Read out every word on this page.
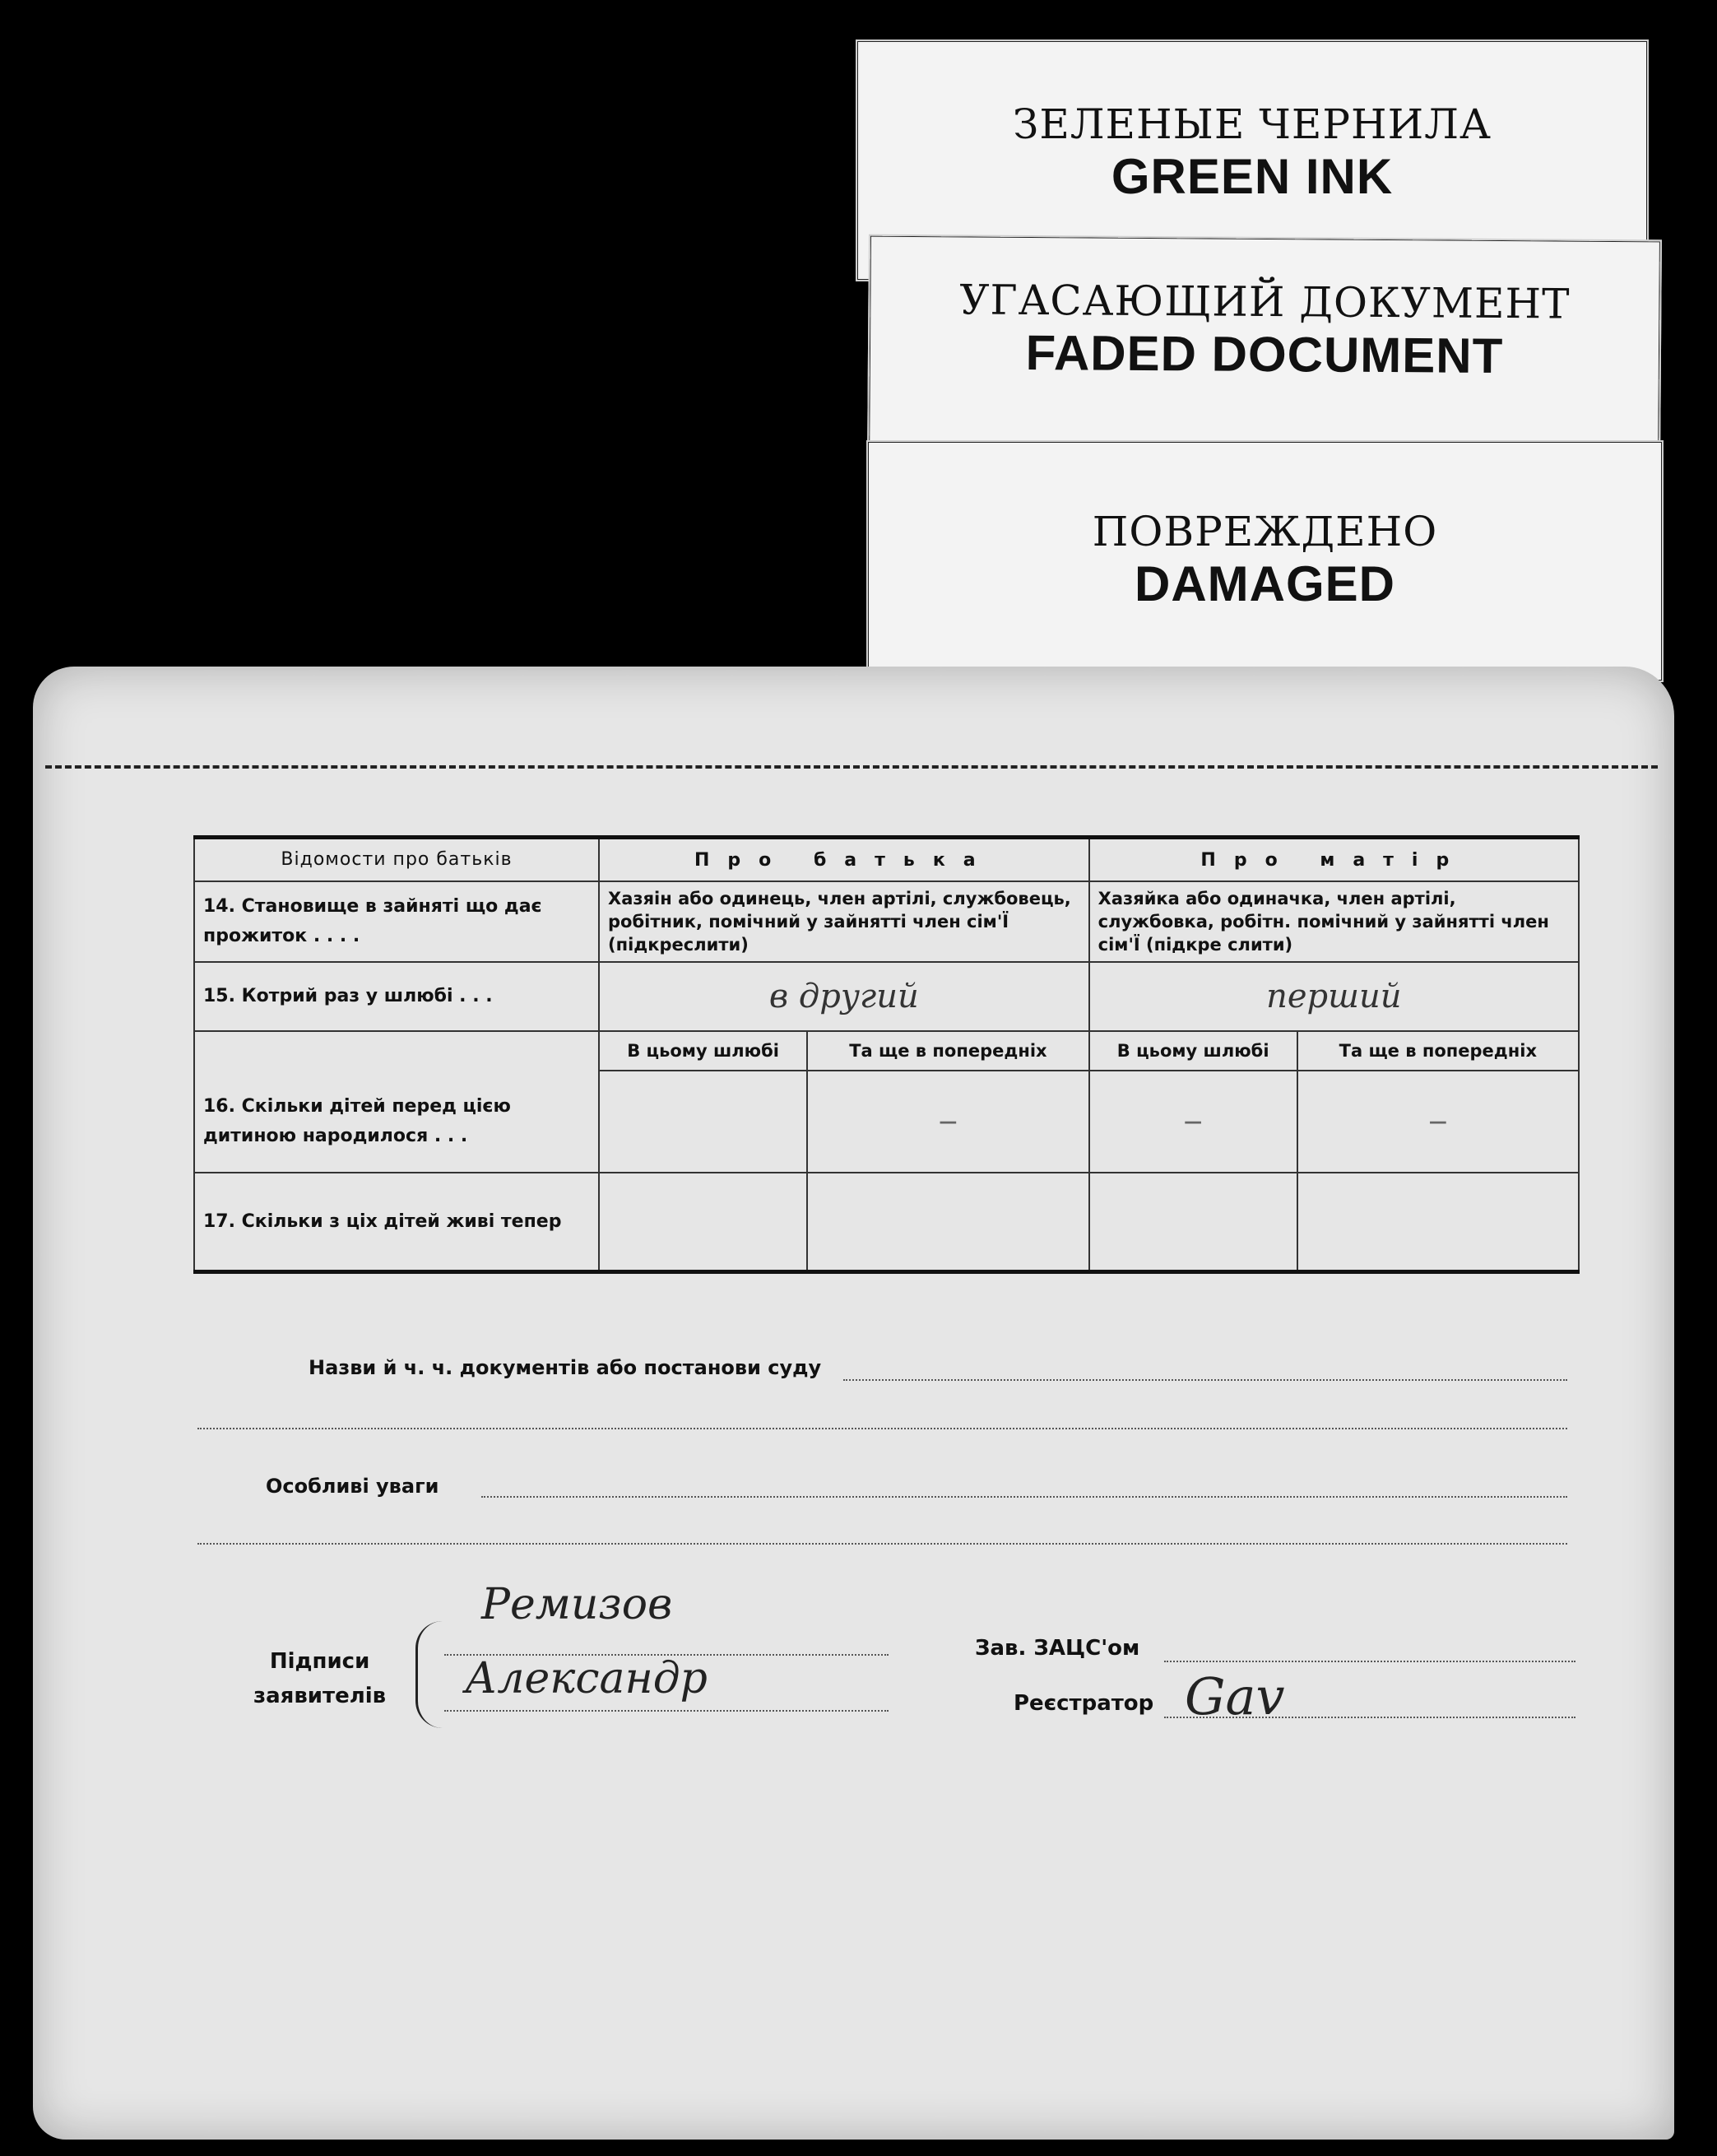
ЗЕЛЕНЫЕ ЧЕРНИЛА
GREEN INK
УГАСАЮЩИЙ ДОКУМЕНТ
FADED DOCUMENT
ПОВРЕЖДЕНО
DAMAGED
Відомости про батьків	Про батька		Про матір	
14. Становище в зайняті що дає прожиток . . . .	Хазяін або одинець, член артілі, службовець, робітник, помічний у зайнятті член сім'Ї (підкреслити)		Хазяйка або одиначка, член артілі, службовка, робітн. помічний у зайнятті член сім'Ї (підкре слити)	
15. Котрий раз у шлюбі . . .	в другий		перший	
	В цьому шлюбі	Та ще в попередніх	В цьому шлюбі	Та ще в попередніх
16. Скільки дітей перед цією дитиною народилося . . .		—	—	—
17. Скільки з ціх дітей живі тепер				
Назви й ч. ч. документів або постанови суду
Особливі уваги
Підписи
заявителів
Ремизов
Александр
Зав. ЗАЦС'ом
Реєстратор Gav
